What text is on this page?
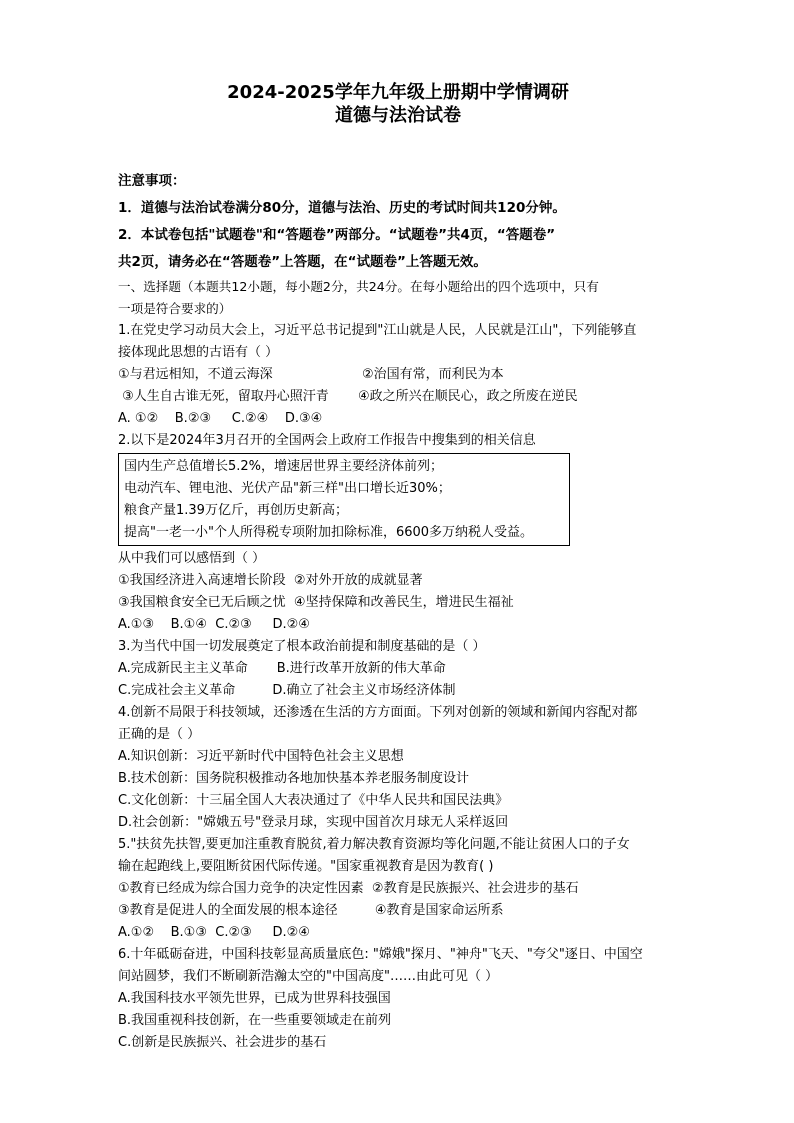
2024-2025学年九年级上册期中学情调研
道德与法治试卷
注意事项：
1．道德与法治试卷满分80分，道德与法治、历史的考试时间共120分钟。
2．本试卷包括"试题卷"和“答题卷”两部分。“试题卷”共4页，“答题卷”
共2页，请务必在“答题卷”上答题，在“试题卷”上答题无效。
一、选择题（本题共12小题，每小题2分，共24分。在每小题给出的四个选项中，只有
一项是符合要求的）
1.在党史学习动员大会上，习近平总书记提到"江山就是人民，人民就是江山"，下列能够直
接体现此思想的古语有（ ）
①与君远相知，不道云海深	②治国有常，而利民为本
③人生自古谁无死，留取丹心照汗青	④政之所兴在顺民心，政之所废在逆民
A. ①②    B.②③     C.②④    D.③④
2.以下是2024年3月召开的全国两会上政府工作报告中搜集到的相关信息
国内生产总值增长5.2%，增速居世界主要经济体前列；
电动汽车、锂电池、光伏产品"新三样"出口增长近30%；
粮食产量1.39万亿斤，再创历史新高；
提高"一老一小"个人所得税专项附加扣除标准，6600多万纳税人受益。
从中我们可以感悟到（ ）
①我国经济进入高速增长阶段  ②对外开放的成就显著
③我国粮食安全已无后顾之忧  ④坚持保障和改善民生，增进民生福祉
A.①③    B.①④  C.②③     D.②④
3.为当代中国一切发展奠定了根本政治前提和制度基础的是（ ）
A.完成新民主主义革命       B.进行改革开放新的伟大革命
C.完成社会主义革命         D.确立了社会主义市场经济体制
4.创新不局限于科技领域，还渗透在生活的方方面面。下列对创新的领域和新闻内容配对都
正确的是（ ）
A.知识创新：习近平新时代中国特色社会主义思想
B.技术创新：国务院积极推动各地加快基本养老服务制度设计
C.文化创新：十三届全国人大表决通过了《中华人民共和国民法典》
D.社会创新："嫦娥五号"登录月球，实现中国首次月球无人采样返回
5."扶贫先扶智,要更加注重教育脱贫,着力解决教育资源均等化问题,不能让贫困人口的子女
输在起跑线上,要阻断贫困代际传递。"国家重视教育是因为教育( )
①教育已经成为综合国力竞争的决定性因素  ②教育是民族振兴、社会进步的基石
③教育是促进人的全面发展的根本途径         ④教育是国家命运所系
A.①②    B.①③  C.②③     D.②④
6.十年砥砺奋进，中国科技彰显高质量底色: "嫦娥"探月、"神舟"飞天、"夸父"逐日、中国空
间站圆梦，我们不断刷新浩瀚太空的"中国高度"……由此可见（ ）
A.我国科技水平领先世界，已成为世界科技强国
B.我国重视科技创新，在一些重要领域走在前列
C.创新是民族振兴、社会进步的基石
